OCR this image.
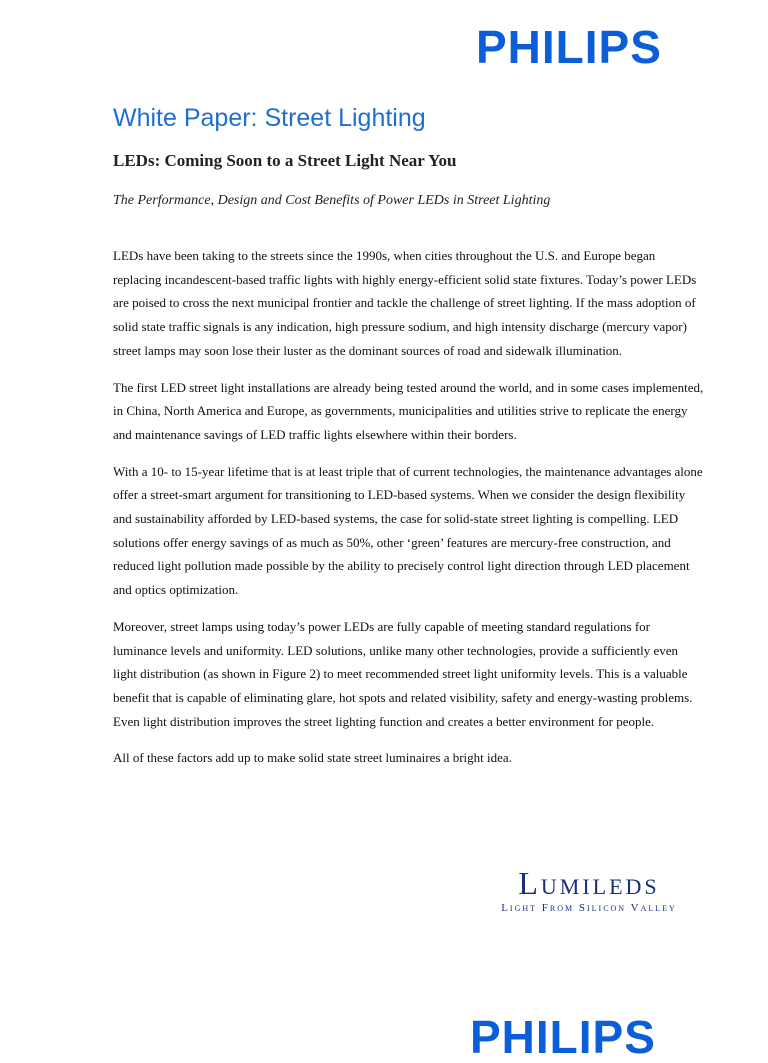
PHILIPS
White Paper: Street Lighting
LEDs: Coming Soon to a Street Light Near You

The Performance, Design and Cost Benefits of Power LEDs in Street Lighting

LEDs have been taking to the streets since the 1990s, when cities throughout the U.S. and Europe began replacing incandescent-based traffic lights with highly energy-efficient solid state fixtures. Today’s power LEDs are poised to cross the next municipal frontier and tackle the challenge of street lighting. If the mass adoption of solid state traffic signals is any indication, high pressure sodium, and high intensity discharge (mercury vapor) street lamps may soon lose their luster as the dominant sources of road and sidewalk illumination.

The first LED street light installations are already being tested around the world, and in some cases implemented, in China, North America and Europe, as governments, municipalities and utilities strive to replicate the energy and maintenance savings of LED traffic lights elsewhere within their borders.

With a 10- to 15-year lifetime that is at least triple that of current technologies, the maintenance advantages alone offer a street-smart argument for transitioning to LED-based systems. When we consider the design flexibility and sustainability afforded by LED-based systems, the case for solid-state street lighting is compelling. LED solutions offer energy savings of as much as 50%, other ‘green’ features are mercury-free construction, and reduced light pollution made possible by the ability to precisely control light direction through LED placement and optics optimization.

Moreover, street lamps using today’s power LEDs are fully capable of meeting standard regulations for luminance levels and uniformity. LED solutions, unlike many other technologies, provide a sufficiently even light distribution (as shown in Figure 2) to meet recommended street light uniformity levels. This is a valuable benefit that is capable of eliminating glare, hot spots and related visibility, safety and energy-wasting problems. Even light distribution improves the street lighting function and creates a better environment for people.

All of these factors add up to make solid state street luminaires a bright idea.

Lumileds
Light From Silicon Valley
PHILIPS
